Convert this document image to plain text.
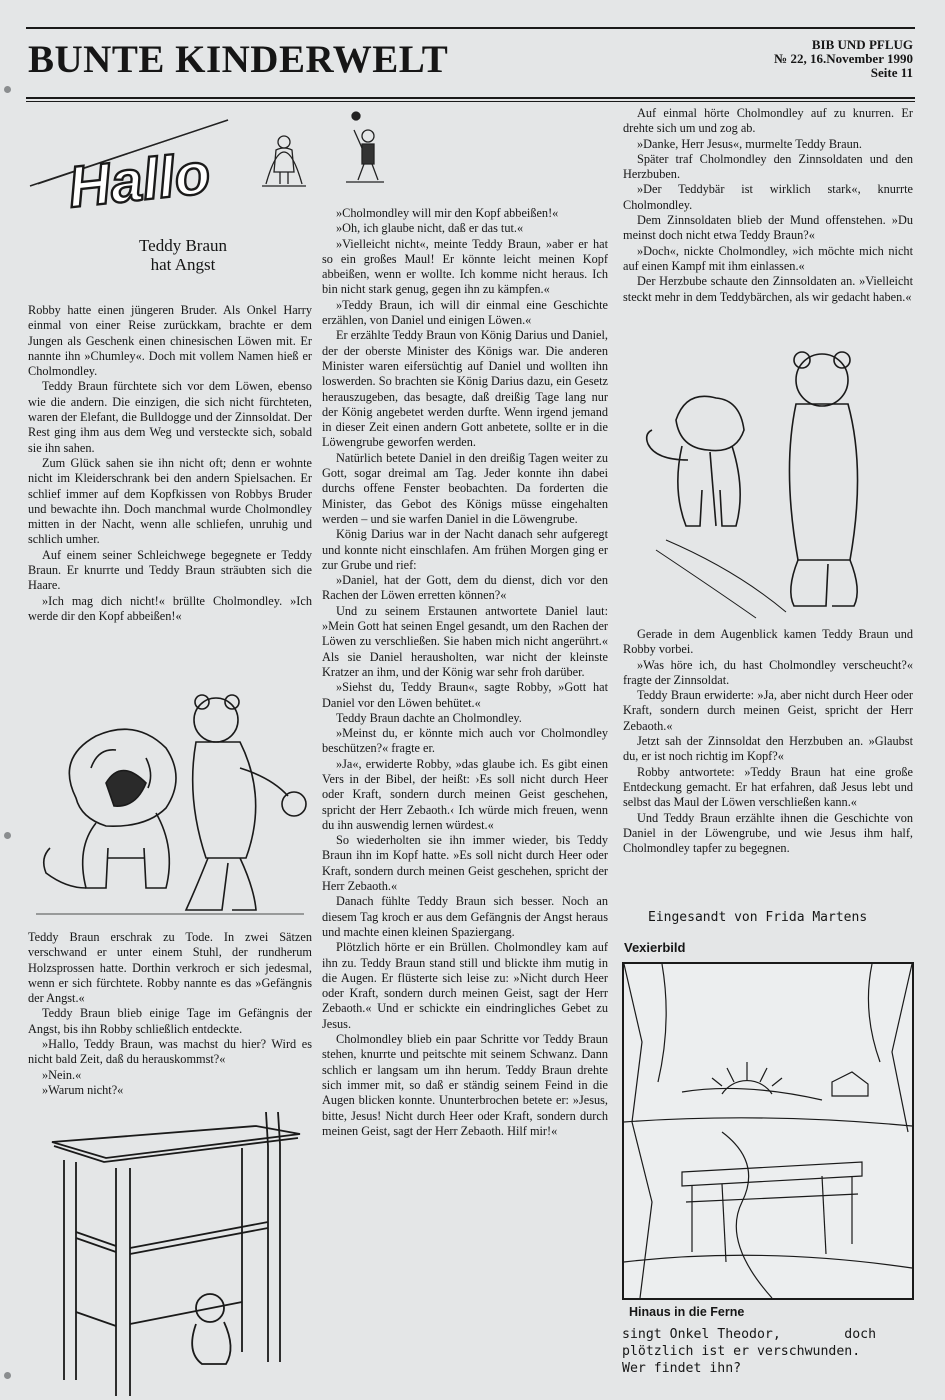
BUNTE KINDERWELT	BIB UND PFLUG
№ 22, 16.November 1990
Seite 11
Hallo
Teddy Braun
hat Angst

Robby hatte einen jüngeren Bruder. Als Onkel Harry einmal von einer Reise zurückkam, brachte er dem Jungen als Geschenk einen chinesischen Löwen mit. Er nannte ihn »Chumley«. Doch mit vollem Namen hieß er Cholmondley.

Teddy Braun fürchtete sich vor dem Löwen, ebenso wie die andern. Die einzigen, die sich nicht fürchteten, waren der Elefant, die Bulldogge und der Zinnsoldat. Der Rest ging ihm aus dem Weg und versteckte sich, sobald sie ihn sahen.

Zum Glück sahen sie ihn nicht oft; denn er wohnte nicht im Kleiderschrank bei den andern Spielsachen. Er schlief immer auf dem Kopfkissen von Robbys Bruder und bewachte ihn. Doch manchmal wurde Cholmondley mitten in der Nacht, wenn alle schliefen, unruhig und schlich umher.

Auf einem seiner Schleichwege begegnete er Teddy Braun. Er knurrte und Teddy Braun sträubten sich die Haare.

»Ich mag dich nicht!« brüllte Cholmondley. »Ich werde dir den Kopf abbeißen!«

Teddy Braun erschrak zu Tode. In zwei Sätzen verschwand er unter einem Stuhl, der rundherum Holzsprossen hatte. Dorthin verkroch er sich jedesmal, wenn er sich fürchtete. Robby nannte es das »Gefängnis der Angst.«

Teddy Braun blieb einige Tage im Gefängnis der Angst, bis ihn Robby schließlich entdeckte.

»Hallo, Teddy Braun, was machst du hier? Wird es nicht bald Zeit, daß du herauskommst?«

»Nein.«

»Warum nicht?«

»Cholmondley will mir den Kopf abbeißen!«

»Oh, ich glaube nicht, daß er das tut.«

»Vielleicht nicht«, meinte Teddy Braun, »aber er hat so ein großes Maul! Er könnte leicht meinen Kopf abbeißen, wenn er wollte. Ich komme nicht heraus. Ich bin nicht stark genug, gegen ihn zu kämpfen.«

»Teddy Braun, ich will dir einmal eine Geschichte erzählen, von Daniel und einigen Löwen.«

Er erzählte Teddy Braun von König Darius und Daniel, der der oberste Minister des Königs war. Die anderen Minister waren eifersüchtig auf Daniel und wollten ihn loswerden. So brachten sie König Darius dazu, ein Gesetz herauszugeben, das besagte, daß dreißig Tage lang nur der König angebetet werden durfte. Wenn irgend jemand in dieser Zeit einen andern Gott anbetete, sollte er in die Löwengrube geworfen werden.

Natürlich betete Daniel in den dreißig Tagen weiter zu Gott, sogar dreimal am Tag. Jeder konnte ihn dabei durchs offene Fenster beobachten. Da forderten die Minister, das Gebot des Königs müsse eingehalten werden – und sie warfen Daniel in die Löwengrube.

König Darius war in der Nacht danach sehr aufgeregt und konnte nicht einschlafen. Am frühen Morgen ging er zur Grube und rief:

»Daniel, hat der Gott, dem du dienst, dich vor den Rachen der Löwen erretten können?«

Und zu seinem Erstaunen antwortete Daniel laut: »Mein Gott hat seinen Engel gesandt, um den Rachen der Löwen zu verschließen. Sie haben mich nicht angerührt.« Als sie Daniel herausholten, war nicht der kleinste Kratzer an ihm, und der König war sehr froh darüber.

»Siehst du, Teddy Braun«, sagte Robby, »Gott hat Daniel vor den Löwen behütet.«

Teddy Braun dachte an Cholmondley.

»Meinst du, er könnte mich auch vor Cholmondley beschützen?« fragte er.

»Ja«, erwiderte Robby, »das glaube ich. Es gibt einen Vers in der Bibel, der heißt: ›Es soll nicht durch Heer oder Kraft, sondern durch meinen Geist geschehen, spricht der Herr Zebaoth.‹ Ich würde mich freuen, wenn du ihn auswendig lernen würdest.«

So wiederholten sie ihn immer wieder, bis Teddy Braun ihn im Kopf hatte. »Es soll nicht durch Heer oder Kraft, sondern durch meinen Geist geschehen, spricht der Herr Zebaoth.«

Danach fühlte Teddy Braun sich besser. Noch an diesem Tag kroch er aus dem Gefängnis der Angst heraus und machte einen kleinen Spaziergang.

Plötzlich hörte er ein Brüllen. Cholmondley kam auf ihn zu. Teddy Braun stand still und blickte ihm mutig in die Augen. Er flüsterte sich leise zu: »Nicht durch Heer oder Kraft, sondern durch meinen Geist, sagt der Herr Zebaoth.« Und er schickte ein eindringliches Gebet zu Jesus.

Cholmondley blieb ein paar Schritte vor Teddy Braun stehen, knurrte und peitschte mit seinem Schwanz. Dann schlich er langsam um ihn herum. Teddy Braun drehte sich immer mit, so daß er ständig seinem Feind in die Augen blicken konnte. Ununterbrochen betete er: »Jesus, bitte, Jesus! Nicht durch Heer oder Kraft, sondern durch meinen Geist, sagt der Herr Zebaoth. Hilf mir!«

Auf einmal hörte Cholmondley auf zu knurren. Er drehte sich um und zog ab.

»Danke, Herr Jesus«, murmelte Teddy Braun.

Später traf Cholmondley den Zinnsoldaten und den Herzbuben.

»Der Teddybär ist wirklich stark«, knurrte Cholmondley.

Dem Zinnsoldaten blieb der Mund offenstehen. »Du meinst doch nicht etwa Teddy Braun?«

»Doch«, nickte Cholmondley, »ich möchte mich nicht auf einen Kampf mit ihm einlassen.«

Der Herzbube schaute den Zinnsoldaten an. »Vielleicht steckt mehr in dem Teddybärchen, als wir gedacht haben.«

Gerade in dem Augenblick kamen Teddy Braun und Robby vorbei.

»Was höre ich, du hast Cholmondley verscheucht?« fragte der Zinnsoldat.

Teddy Braun erwiderte: »Ja, aber nicht durch Heer oder Kraft, sondern durch meinen Geist, spricht der Herr Zebaoth.«

Jetzt sah der Zinnsoldat den Herzbuben an. »Glaubst du, er ist noch richtig im Kopf?«

Robby antwortete: »Teddy Braun hat eine große Entdeckung gemacht. Er hat erfahren, daß Jesus lebt und selbst das Maul der Löwen verschließen kann.«

Und Teddy Braun erzählte ihnen die Geschichte von Daniel in der Löwengrube, und wie Jesus ihm half, Cholmondley tapfer zu begegnen.

Eingesandt von Frida Martens
Vexierbild
Hinaus in die Ferne
singt Onkel Theodor,        doch
plötzlich ist er verschwunden.
Wer findet ihn?
